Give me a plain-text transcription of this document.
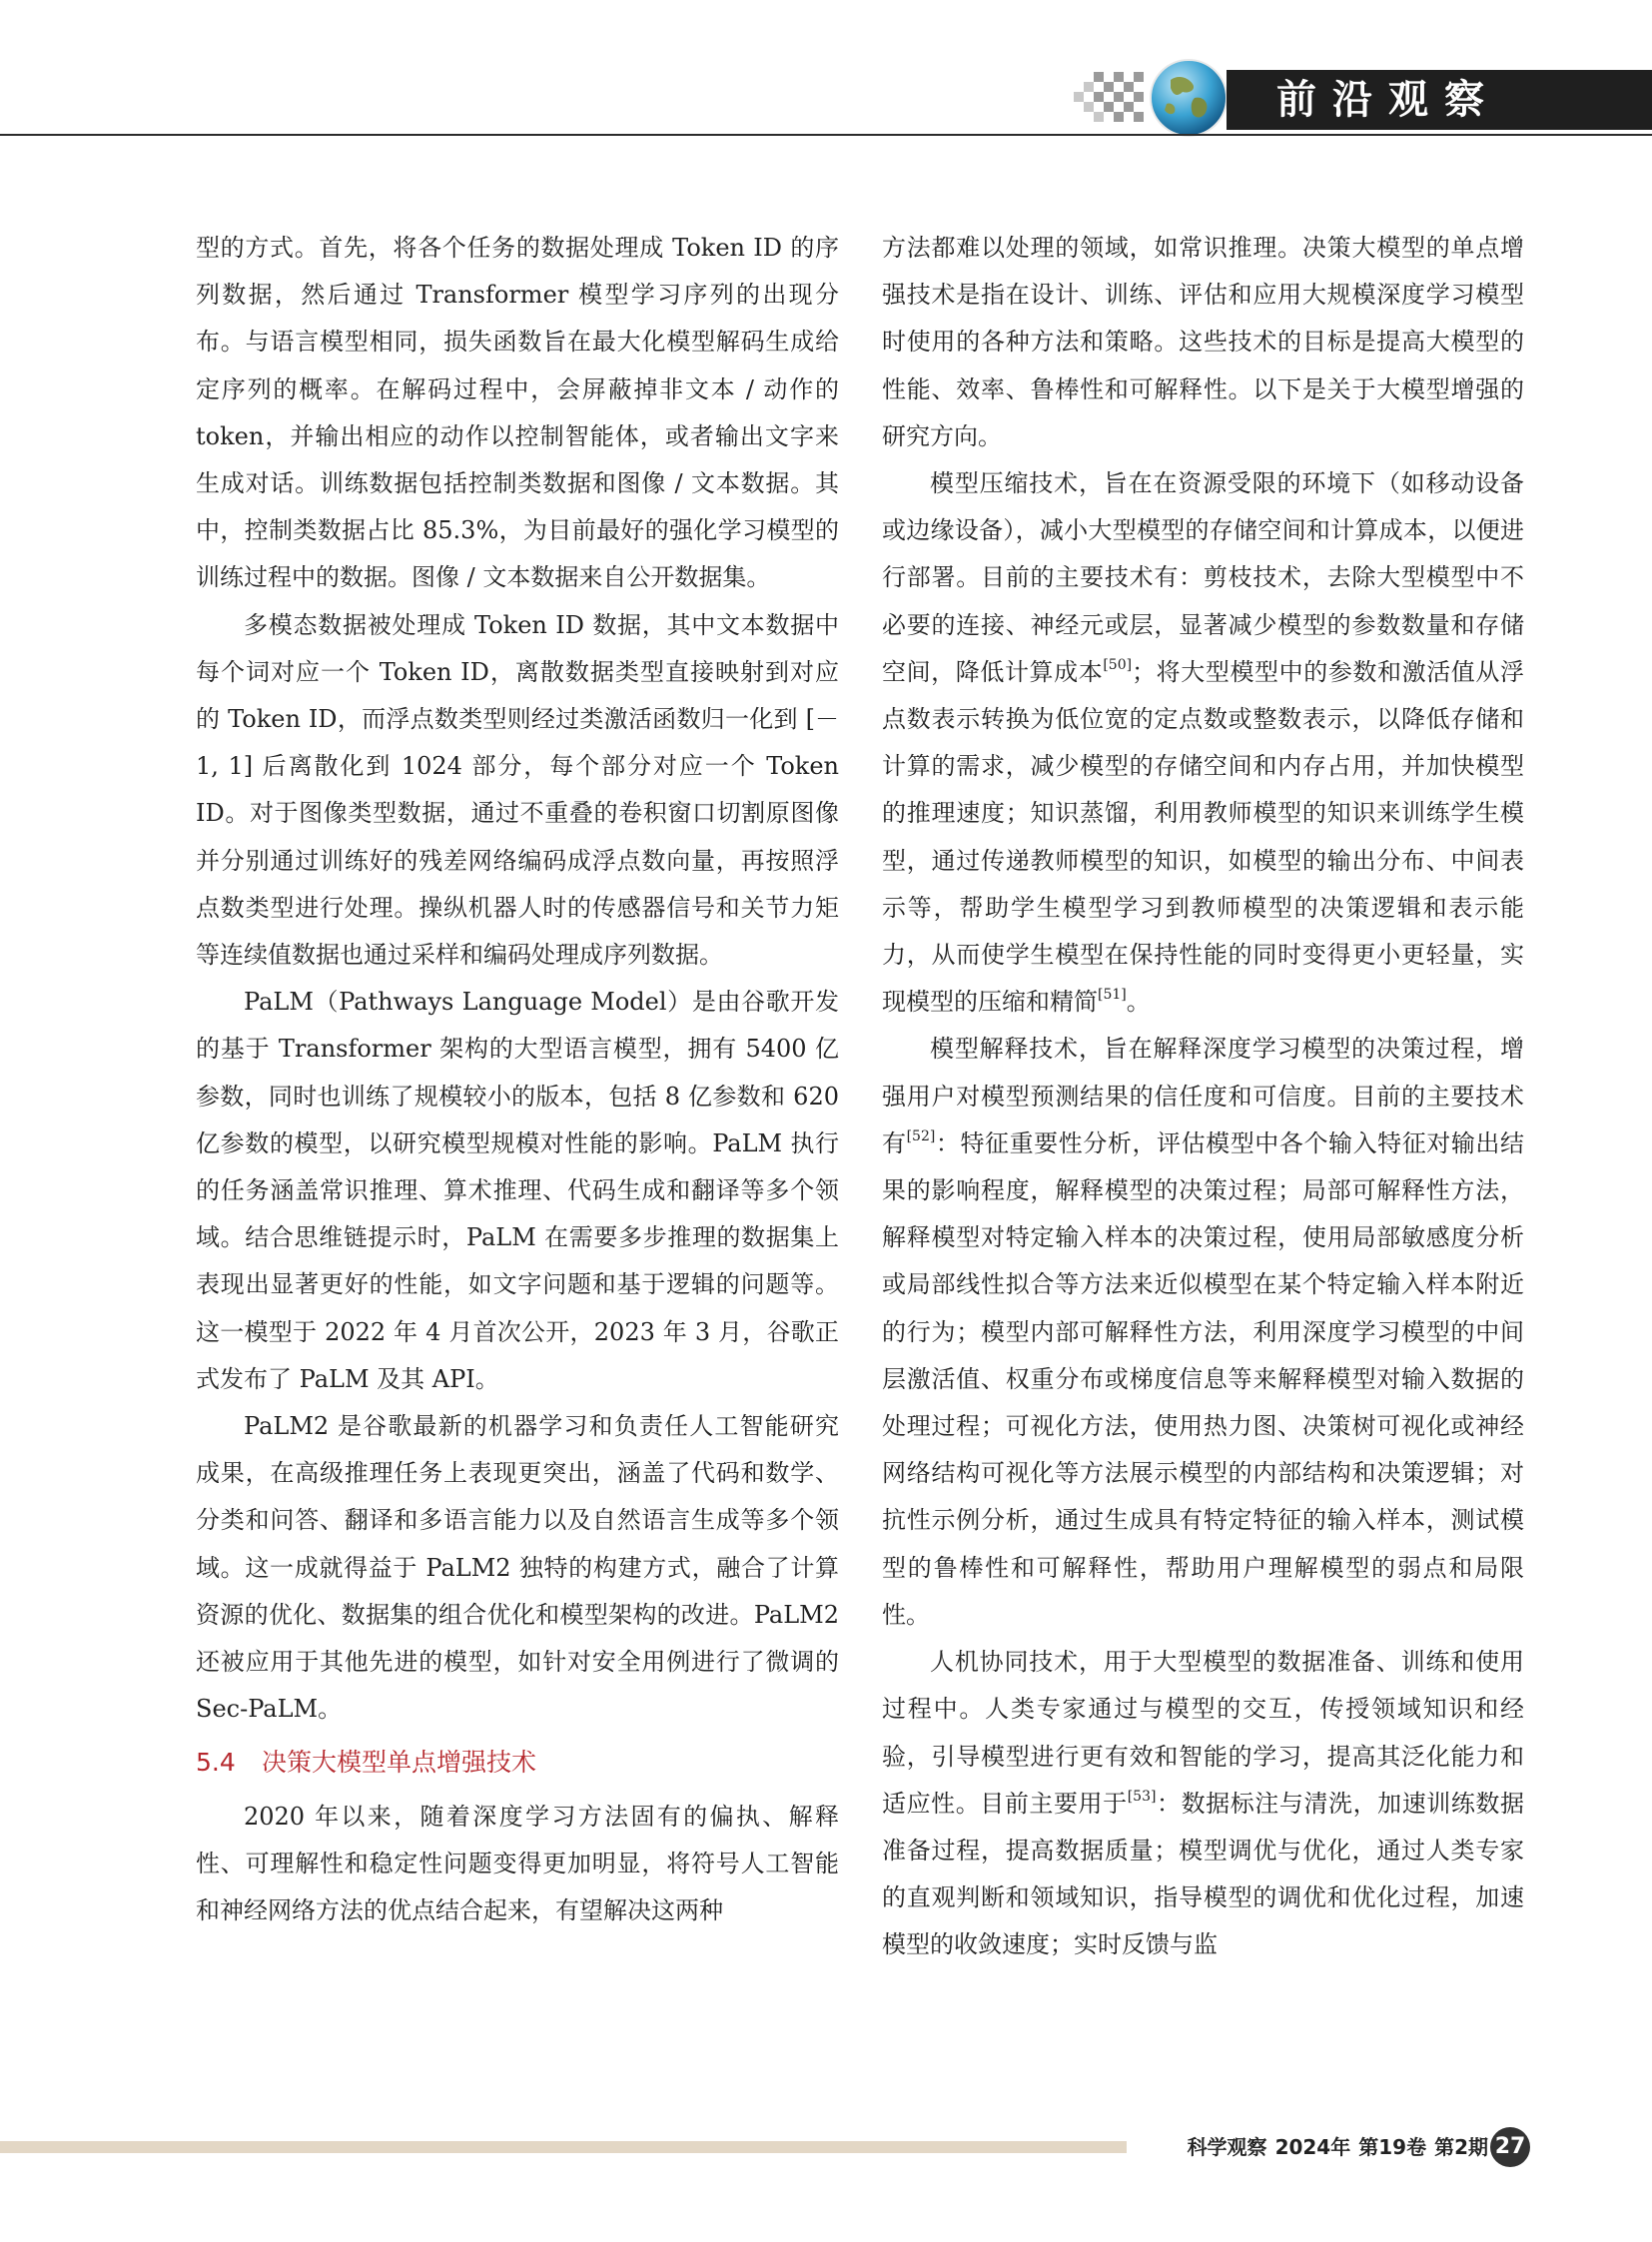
前沿观察

型的方式。首先，将各个任务的数据处理成 Token ID 的序列数据，然后通过 Transformer 模型学习序列的出现分布。与语言模型相同，损失函数旨在最大化模型解码生成给定序列的概率。在解码过程中，会屏蔽掉非文本 / 动作的 token，并输出相应的动作以控制智能体，或者输出文字来生成对话。训练数据包括控制类数据和图像 / 文本数据。其中，控制类数据占比 85.3%，为目前最好的强化学习模型的训练过程中的数据。图像 / 文本数据来自公开数据集。

多模态数据被处理成 Token ID 数据，其中文本数据中每个词对应一个 Token ID，离散数据类型直接映射到对应的 Token ID，而浮点数类型则经过类激活函数归一化到 [－1, 1] 后离散化到 1024 部分，每个部分对应一个 Token ID。对于图像类型数据，通过不重叠的卷积窗口切割原图像并分别通过训练好的残差网络编码成浮点数向量，再按照浮点数类型进行处理。操纵机器人时的传感器信号和关节力矩等连续值数据也通过采样和编码处理成序列数据。

PaLM（Pathways Language Model）是由谷歌开发的基于 Transformer 架构的大型语言模型，拥有 5400 亿参数，同时也训练了规模较小的版本，包括 8 亿参数和 620 亿参数的模型，以研究模型规模对性能的影响。PaLM 执行的任务涵盖常识推理、算术推理、代码生成和翻译等多个领域。结合思维链提示时，PaLM 在需要多步推理的数据集上表现出显著更好的性能，如文字问题和基于逻辑的问题等。这一模型于 2022 年 4 月首次公开，2023 年 3 月，谷歌正式发布了 PaLM 及其 API。

PaLM2 是谷歌最新的机器学习和负责任人工智能研究成果，在高级推理任务上表现更突出，涵盖了代码和数学、分类和问答、翻译和多语言能力以及自然语言生成等多个领域。这一成就得益于 PaLM2 独特的构建方式，融合了计算资源的优化、数据集的组合优化和模型架构的改进。PaLM2 还被应用于其他先进的模型，如针对安全用例进行了微调的 Sec-PaLM。

5.4 决策大模型单点增强技术

2020 年以来，随着深度学习方法固有的偏执、解释性、可理解性和稳定性问题变得更加明显，将符号人工智能和神经网络方法的优点结合起来，有望解决这两种

方法都难以处理的领域，如常识推理。决策大模型的单点增强技术是指在设计、训练、评估和应用大规模深度学习模型时使用的各种方法和策略。这些技术的目标是提高大模型的性能、效率、鲁棒性和可解释性。以下是关于大模型增强的研究方向。

模型压缩技术，旨在在资源受限的环境下（如移动设备或边缘设备），减小大型模型的存储空间和计算成本，以便进行部署。目前的主要技术有：剪枝技术，去除大型模型中不必要的连接、神经元或层，显著减少模型的参数数量和存储空间，降低计算成本[50]；将大型模型中的参数和激活值从浮点数表示转换为低位宽的定点数或整数表示，以降低存储和计算的需求，减少模型的存储空间和内存占用，并加快模型的推理速度；知识蒸馏，利用教师模型的知识来训练学生模型，通过传递教师模型的知识，如模型的输出分布、中间表示等，帮助学生模型学习到教师模型的决策逻辑和表示能力，从而使学生模型在保持性能的同时变得更小更轻量，实现模型的压缩和精简[51]。

模型解释技术，旨在解释深度学习模型的决策过程，增强用户对模型预测结果的信任度和可信度。目前的主要技术有[52]：特征重要性分析，评估模型中各个输入特征对输出结果的影响程度，解释模型的决策过程；局部可解释性方法，解释模型对特定输入样本的决策过程，使用局部敏感度分析或局部线性拟合等方法来近似模型在某个特定输入样本附近的行为；模型内部可解释性方法，利用深度学习模型的中间层激活值、权重分布或梯度信息等来解释模型对输入数据的处理过程；可视化方法，使用热力图、决策树可视化或神经网络结构可视化等方法展示模型的内部结构和决策逻辑；对抗性示例分析，通过生成具有特定特征的输入样本，测试模型的鲁棒性和可解释性，帮助用户理解模型的弱点和局限性。

人机协同技术，用于大型模型的数据准备、训练和使用过程中。人类专家通过与模型的交互，传授领域知识和经验，引导模型进行更有效和智能的学习，提高其泛化能力和适应性。目前主要用于[53]：数据标注与清洗，加速训练数据准备过程，提高数据质量；模型调优与优化，通过人类专家的直观判断和领域知识，指导模型的调优和优化过程，加速模型的收敛速度；实时反馈与监

科学观察 2024年 第19卷 第2期 27
